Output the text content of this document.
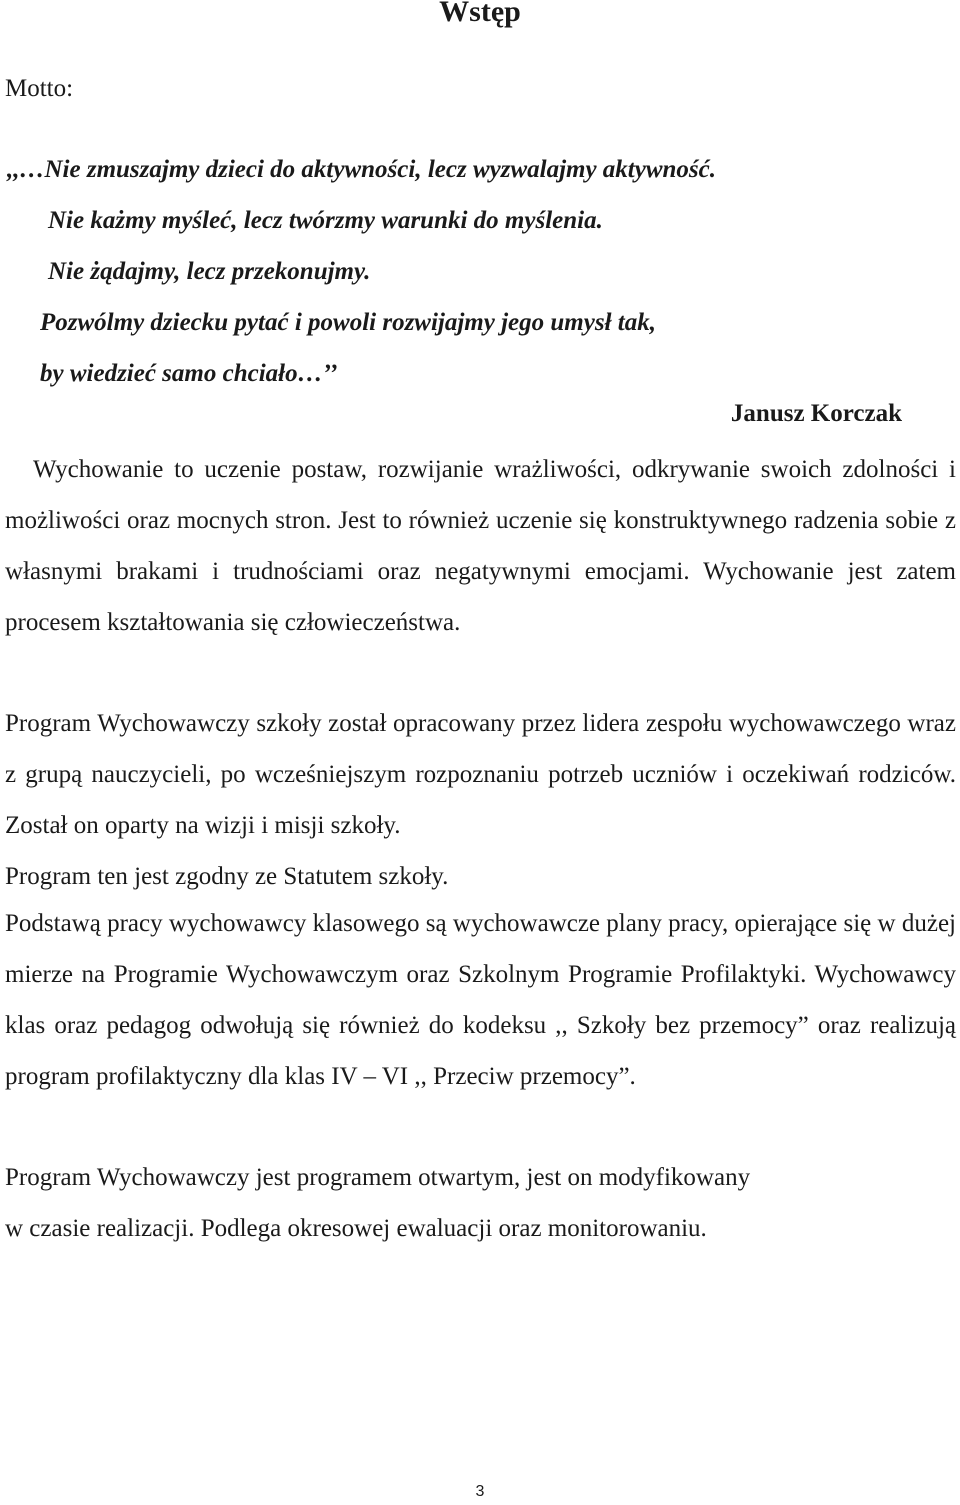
Wstęp
Motto:
,,…Nie zmuszajmy dzieci do aktywności, lecz wyzwalajmy aktywność.
Nie każmy myśleć, lecz twórzmy warunki do myślenia.
Nie żądajmy, lecz przekonujmy.
Pozwólmy dziecku pytać i powoli rozwijajmy jego umysł tak,
by wiedzieć samo chciało…’’
Janusz Korczak
Wychowanie to uczenie postaw, rozwijanie wrażliwości, odkrywanie swoich zdolności i możliwości oraz mocnych stron. Jest to również uczenie się konstruktywnego radzenia sobie z własnymi brakami i trudnościami oraz negatywnymi emocjami. Wychowanie jest zatem procesem kształtowania się człowieczeństwa.
Program Wychowawczy szkoły został opracowany przez lidera zespołu wychowawczego wraz z grupą nauczycieli, po wcześniejszym rozpoznaniu potrzeb uczniów i oczekiwań rodziców. Został on oparty na wizji i misji szkoły.
Program ten jest zgodny ze Statutem szkoły.
Podstawą pracy wychowawcy klasowego są wychowawcze plany pracy, opierające się w dużej mierze na Programie Wychowawczym oraz Szkolnym Programie Profilaktyki. Wychowawcy klas oraz pedagog odwołują się również do kodeksu ,, Szkoły bez przemocy” oraz realizują program profilaktyczny dla klas IV – VI ,, Przeciw przemocy”.
Program Wychowawczy jest programem otwartym, jest on modyfikowany
w czasie realizacji. Podlega okresowej ewaluacji oraz monitorowaniu.
3
